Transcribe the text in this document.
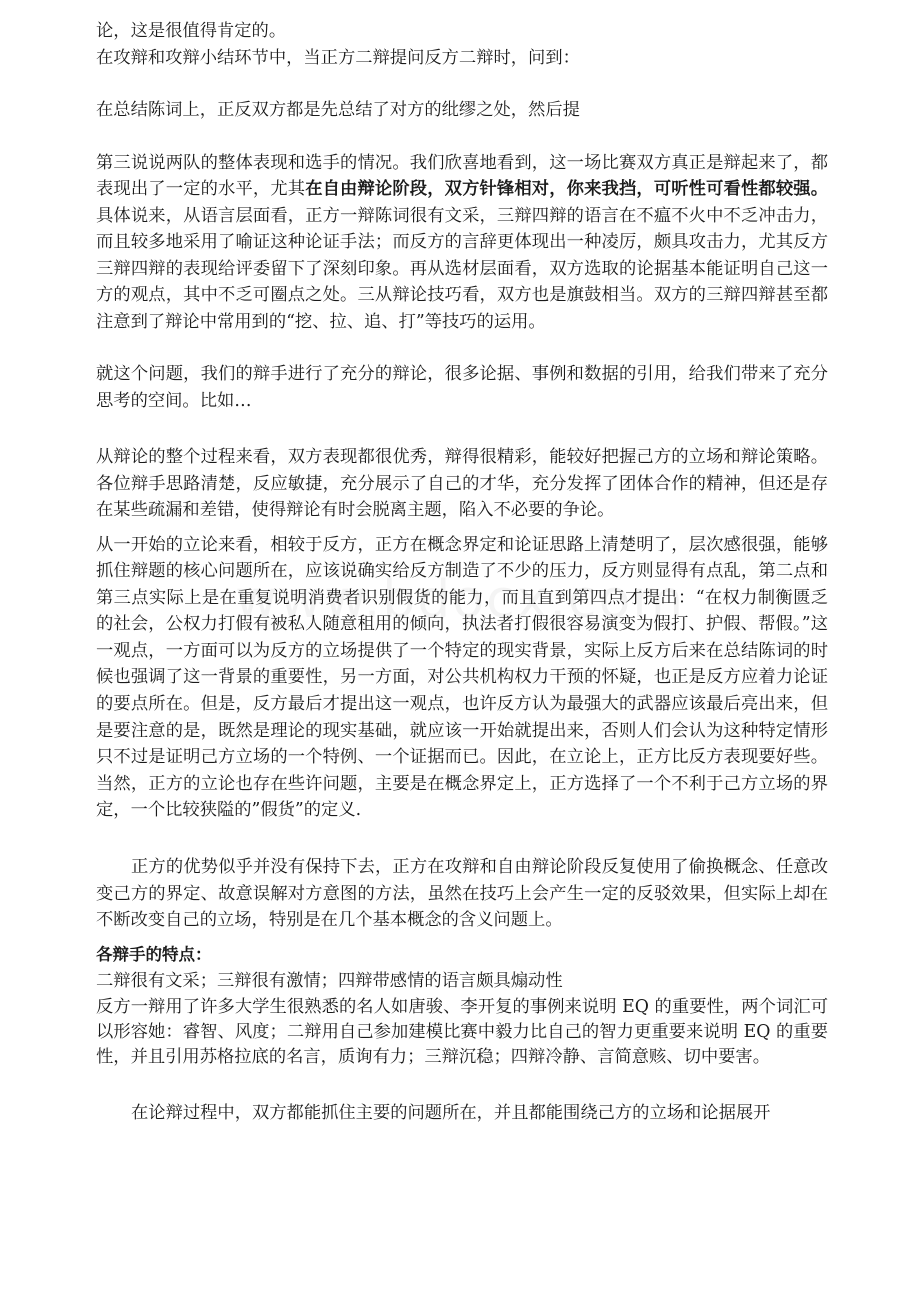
论，这是很值得肯定的。

在攻辩和攻辩小结环节中，当正方二辩提问反方二辩时，问到：

在总结陈词上，正反双方都是先总结了对方的纰缪之处，然后提

第三说说两队的整体表现和选手的情况。我们欣喜地看到，这一场比赛双方真正是辩起来了，都表现出了一定的水平，尤其在自由辩论阶段，双方针锋相对，你来我挡，可听性可看性都较强。具体说来，从语言层面看，正方一辩陈词很有文采，三辩四辩的语言在不瘟不火中不乏冲击力，而且较多地采用了喻证这种论证手法；而反方的言辞更体现出一种凌厉，颇具攻击力，尤其反方三辩四辩的表现给评委留下了深刻印象。再从选材层面看，双方选取的论据基本能证明自己这一方的观点，其中不乏可圈点之处。三从辩论技巧看，双方也是旗鼓相当。双方的三辩四辩甚至都注意到了辩论中常用到的“挖、拉、追、打”等技巧的运用。

就这个问题，我们的辩手进行了充分的辩论，很多论据、事例和数据的引用，给我们带来了充分思考的空间。比如…

从辩论的整个过程来看，双方表现都很优秀，辩得很精彩，能较好把握己方的立场和辩论策略。各位辩手思路清楚，反应敏捷，充分展示了自己的才华，充分发挥了团体合作的精神，但还是存在某些疏漏和差错，使得辩论有时会脱离主题，陷入不必要的争论。

从一开始的立论来看，相较于反方，正方在概念界定和论证思路上清楚明了，层次感很强，能够抓住辩题的核心问题所在，应该说确实给反方制造了不少的压力，反方则显得有点乱，第二点和第三点实际上是在重复说明消费者识别假货的能力，而且直到第四点才提出：“在权力制衡匮乏的社会，公权力打假有被私人随意租用的倾向，执法者打假很容易演变为假打、护假、帮假。”这一观点，一方面可以为反方的立场提供了一个特定的现实背景，实际上反方后来在总结陈词的时候也强调了这一背景的重要性，另一方面，对公共机构权力干预的怀疑，也正是反方应着力论证的要点所在。但是，反方最后才提出这一观点，也许反方认为最强大的武器应该最后亮出来，但是要注意的是，既然是理论的现实基础，就应该一开始就提出来，否则人们会认为这种特定情形只不过是证明己方立场的一个特例、一个证据而已。因此，在立论上，正方比反方表现要好些。当然，正方的立论也存在些许问题，主要是在概念界定上，正方选择了一个不利于己方立场的界定，一个比较狭隘的”假货”的定义.

正方的优势似乎并没有保持下去，正方在攻辩和自由辩论阶段反复使用了偷换概念、任意改变己方的界定、故意误解对方意图的方法，虽然在技巧上会产生一定的反驳效果，但实际上却在不断改变自己的立场，特别是在几个基本概念的含义问题上。

各辩手的特点：

二辩很有文采；三辩很有激情；四辩带感情的语言颇具煽动性

反方一辩用了许多大学生很熟悉的名人如唐骏、李开复的事例来说明 EQ 的重要性，两个词汇可以形容她：睿智、风度；二辩用自己参加建模比赛中毅力比自己的智力更重要来说明 EQ 的重要性，并且引用苏格拉底的名言，质询有力；三辩沉稳；四辩冷静、言简意赅、切中要害。

在论辩过程中，双方都能抓住主要的问题所在，并且都能围绕己方的立场和论据展开
